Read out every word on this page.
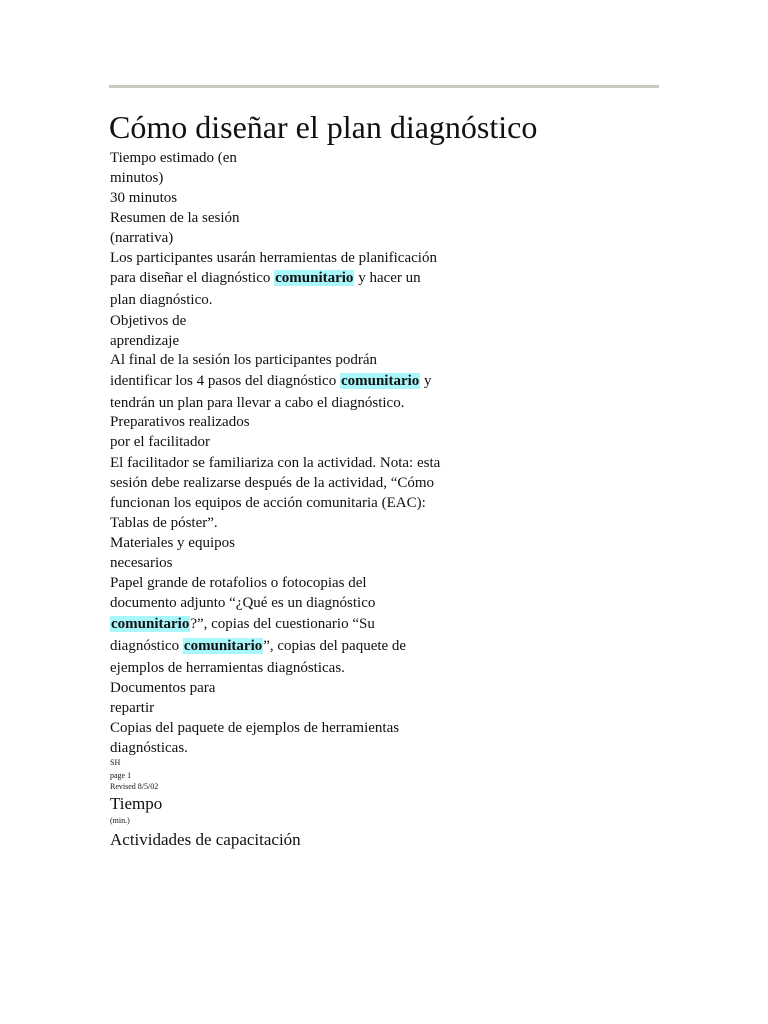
Cómo diseñar el plan diagnóstico
Tiempo estimado (en
minutos)
30 minutos
Resumen de la sesión
(narrativa)
Los participantes usarán herramientas de planificación
para diseñar el diagnóstico comunitario y hacer un
plan diagnóstico.
Objetivos de
aprendizaje
Al final de la sesión los participantes podrán
identificar los 4 pasos del diagnóstico comunitario y
tendrán un plan para llevar a cabo el diagnóstico.
Preparativos realizados
por el facilitador
El facilitador se familiariza con la actividad. Nota: esta
sesión debe realizarse después de la actividad, “Cómo
funcionan los equipos de acción comunitaria (EAC):
Tablas de póster”.
Materiales y equipos
necesarios
Papel grande de rotafolios o fotocopias del
documento adjunto “¿Qué es un diagnóstico
comunitario?”, copias del cuestionario “Su
diagnóstico comunitario”, copias del paquete de
ejemplos de herramientas diagnósticas.
Documentos para
repartir
Copias del paquete de ejemplos de herramientas
diagnósticas.
SH
page 1
Revised 8/5/02
Tiempo
(min.)
Actividades de capacitación
